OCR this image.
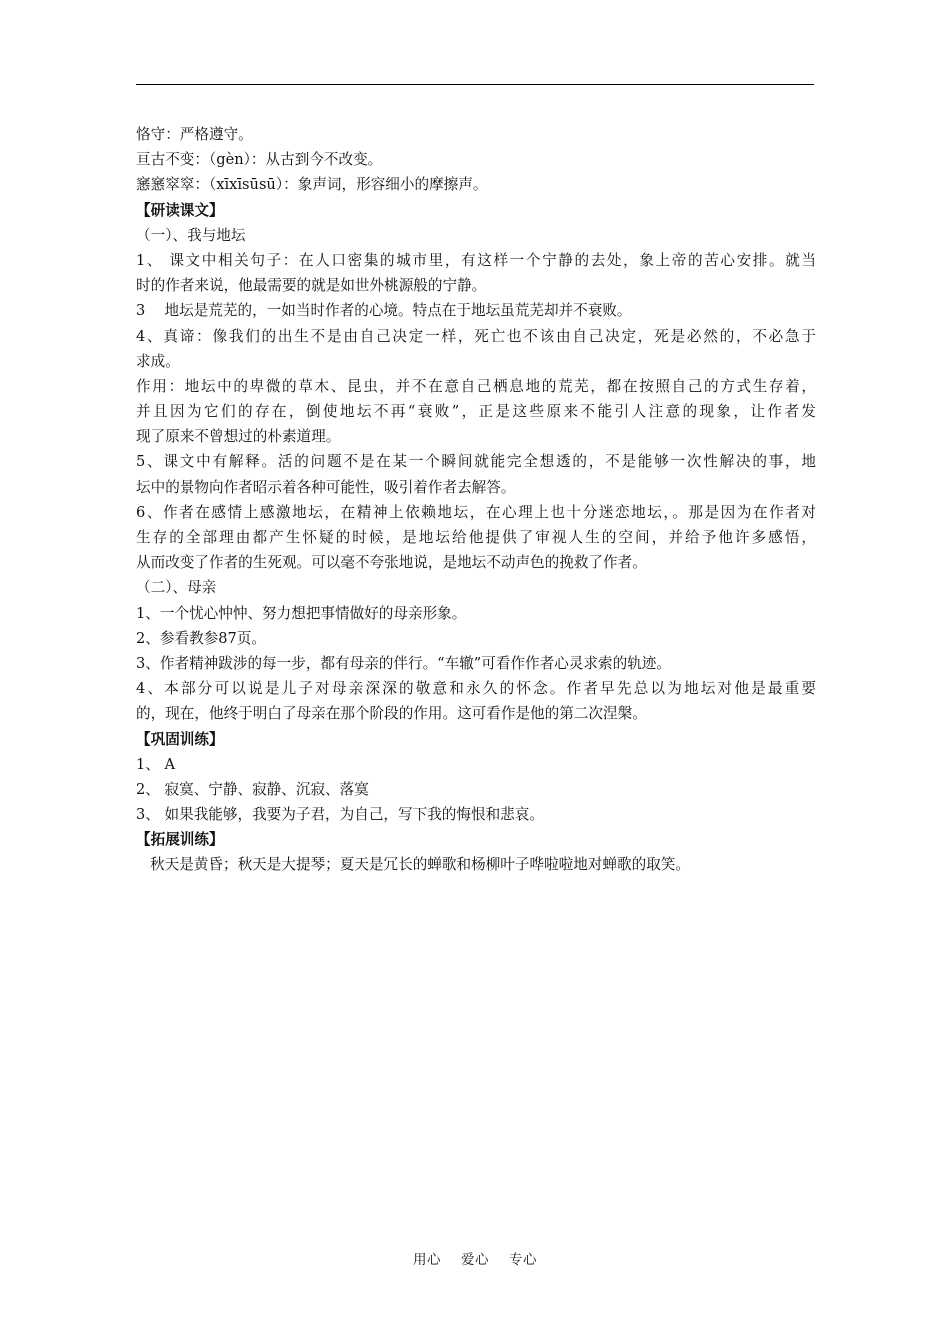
恪守：严格遵守。
亘古不变：（gèn）：从古到今不改变。
窸窸窣窣：（xīxīsūsū）：象声词，形容细小的摩擦声。
【研读课文】
（一）、我与地坛
1、 课文中相关句子：在人口密集的城市里，有这样一个宁静的去处，象上帝的苦心安排。就当
时的作者来说，他最需要的就是如世外桃源般的宁静。
3　 地坛是荒芜的，一如当时作者的心境。特点在于地坛虽荒芜却并不衰败。
4、真谛：像我们的出生不是由自己决定一样，死亡也不该由自己决定，死是必然的，不必急于
求成。
作用：地坛中的卑微的草木、昆虫，并不在意自己栖息地的荒芜，都在按照自己的方式生存着，
并且因为它们的存在，倒使地坛不再“衰败”，正是这些原来不能引人注意的现象，让作者发
现了原来不曾想过的朴素道理。
5、课文中有解释。活的问题不是在某一个瞬间就能完全想透的，不是能够一次性解决的事，地
坛中的景物向作者昭示着各种可能性，吸引着作者去解答。
6、作者在感情上感激地坛，在精神上依赖地坛，在心理上也十分迷恋地坛，。那是因为在作者对
生存的全部理由都产生怀疑的时候，是地坛给他提供了审视人生的空间，并给予他许多感悟，
从而改变了作者的生死观。可以毫不夸张地说，是地坛不动声色的挽救了作者。
（二）、母亲
1、一个忧心忡忡、努力想把事情做好的母亲形象。
2、参看教参87页。
3、作者精神跋涉的每一步，都有母亲的伴行。“车辙”可看作作者心灵求索的轨迹。
4、本部分可以说是儿子对母亲深深的敬意和永久的怀念。作者早先总以为地坛对他是最重要
的，现在，他终于明白了母亲在那个阶段的作用。这可看作是他的第二次涅槃。
【巩固训练】
1、 A
2、 寂寞、宁静、寂静、沉寂、落寞
3、 如果我能够，我要为子君，为自己，写下我的悔恨和悲哀。
【拓展训练】
秋天是黄昏；秋天是大提琴；夏天是冗长的蝉歌和杨柳叶子哗啦啦地对蝉歌的取笑。
用心 爱心 专心
